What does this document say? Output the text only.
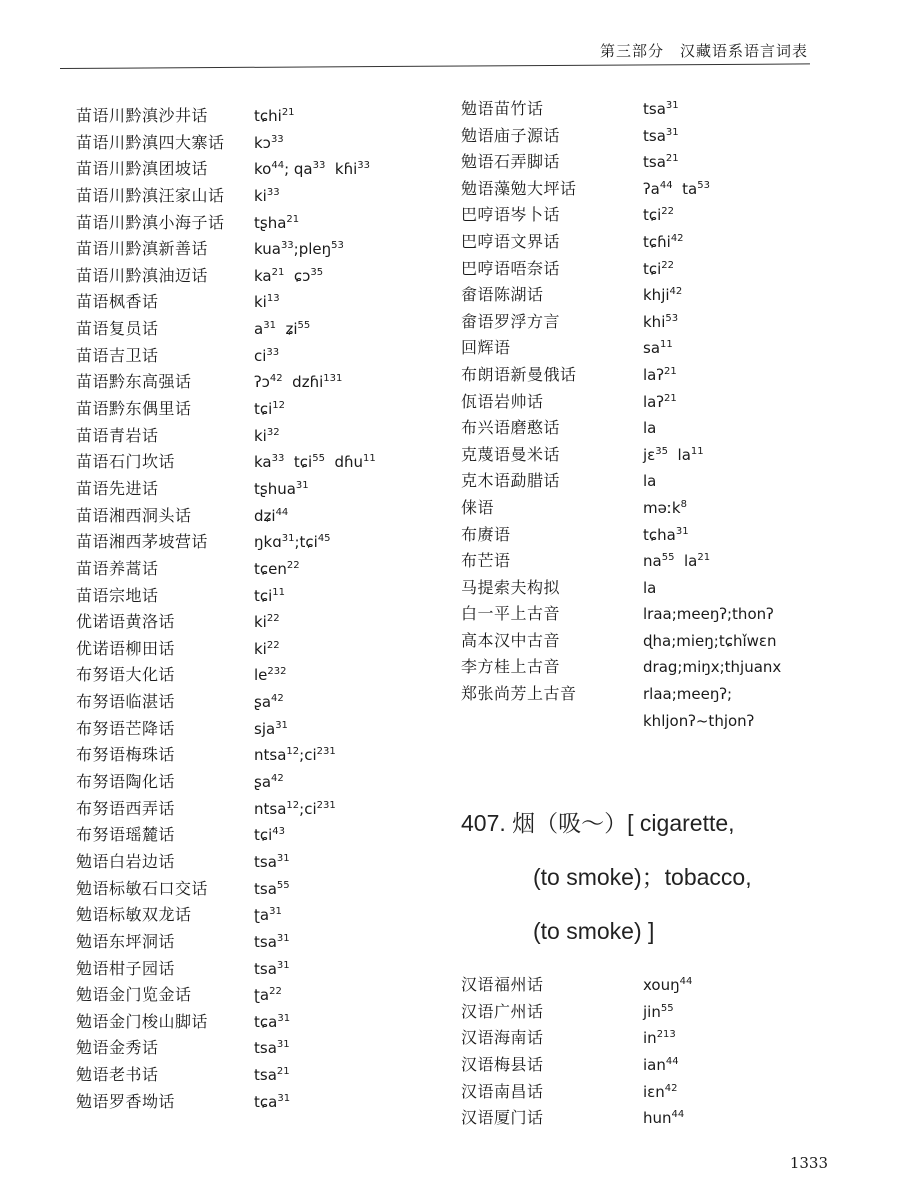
第三部分　汉藏语系语言词表
苗语川黔滇沙井话	tɕhi$^{21}$
苗语川黔滇四大寨话	kɔ$^{33}$
苗语川黔滇团坡话	$ko^{44}$; $qa^{33}$  kɦi$^{33}$
苗语川黔滇汪家山话	$ki^{33}$
苗语川黔滇小海子话	tʂha$^{21}$
苗语川黔滇新善话	kua$^{33}$;pleŋ$^{53}$
苗语川黔滇油迈话	$ka^{21}$  ɕɔ$^{35}$
苗语枫香话	$ki^{13}$
苗语复员话	$a^{31}$  ʑi$^{55}$
苗语吉卫话	$ci^{33}$
苗语黔东高强话	ʔɔ$^{42}$  dzɦi$^{131}$
苗语黔东偶里话	tɕi$^{12}$
苗语青岩话	$ki^{32}$
苗语石门坎话	$ka^{33}$  tɕi$^{55}$  dɦu$^{11}$
苗语先进话	tʂhua$^{31}$
苗语湘西洞头话	dʑi$^{44}$
苗语湘西茅坡营话	ŋkɑ$^{31}$;tɕi$^{45}$
苗语养蒿话	tɕen$^{22}$
苗语宗地话	tɕi$^{11}$
优诺语黄洛话	$ki^{22}$
优诺语柳田话	$ki^{22}$
布努语大化话	$le^{232}$
布努语临湛话	ʂa$^{42}$
布努语芒降话	sja$^{31}$
布努语梅珠话	$ntsa^{12};ci^{231}$
布努语陶化话	ʂa$^{42}$
布努语西弄话	$ntsa^{12};ci^{231}$
布努语瑶麓话	tɕi$^{43}$
勉语白岩边话	tsa$^{31}$
勉语标敏石口交话	tsa$^{55}$
勉语标敏双龙话	ʈa$^{31}$
勉语东坪洞话	tsa$^{31}$
勉语柑子园话	tsa$^{31}$
勉语金门览金话	ʈa$^{22}$
勉语金门梭山脚话	tɕa$^{31}$
勉语金秀话	tsa$^{31}$
勉语老书话	tsa$^{21}$
勉语罗香坳话	tɕa$^{31}$
勉语苗竹话	tsa$^{31}$
勉语庙子源话	tsa$^{31}$
勉语石弄脚话	tsa$^{21}$
勉语藻勉大坪话	ʔa$^{44}$  $ta^{53}$
巴哼语岑卜话	tɕi$^{22}$
巴哼语文界话	tɕɦi$^{42}$
巴哼语唔奈话	tɕi$^{22}$
畲语陈湖话	khji$^{42}$
畲语罗浮方言	khi$^{53}$
回辉语	$sa^{11}$
布朗语新曼俄话	laʔ$^{21}$
佤语岩帅话	laʔ$^{21}$
布兴语磨憨话	la
克蔑语曼米话	jɛ$^{35}$  $la^{11}$
克木语勐腊话	la
俫语	məːk$^8$
布赓语	tɕha$^{31}$
布芒语	$na^{55}$  $la^{21}$
马提索夫构拟	la
白一平上古音	lraa;meeŋʔ;thonʔ
高本汉中古音	ɖha;mieŋ;tɕhǐwɛn
李方桂上古音	drag;miŋx;thjuanx
郑张尚芳上古音	rlaa;meeŋʔ;
khljonʔ~thjonʔ
407. 烟（吸～）[ cigarette,
(to smoke)；tobacco,
(to smoke) ]
汉语福州话	xouŋ$^{44}$
汉语广州话	jin$^{55}$
汉语海南话	$in^{213}$
汉语梅县话	ian$^{44}$
汉语南昌话	iɛn$^{42}$
汉语厦门话	hun$^{44}$
1333
